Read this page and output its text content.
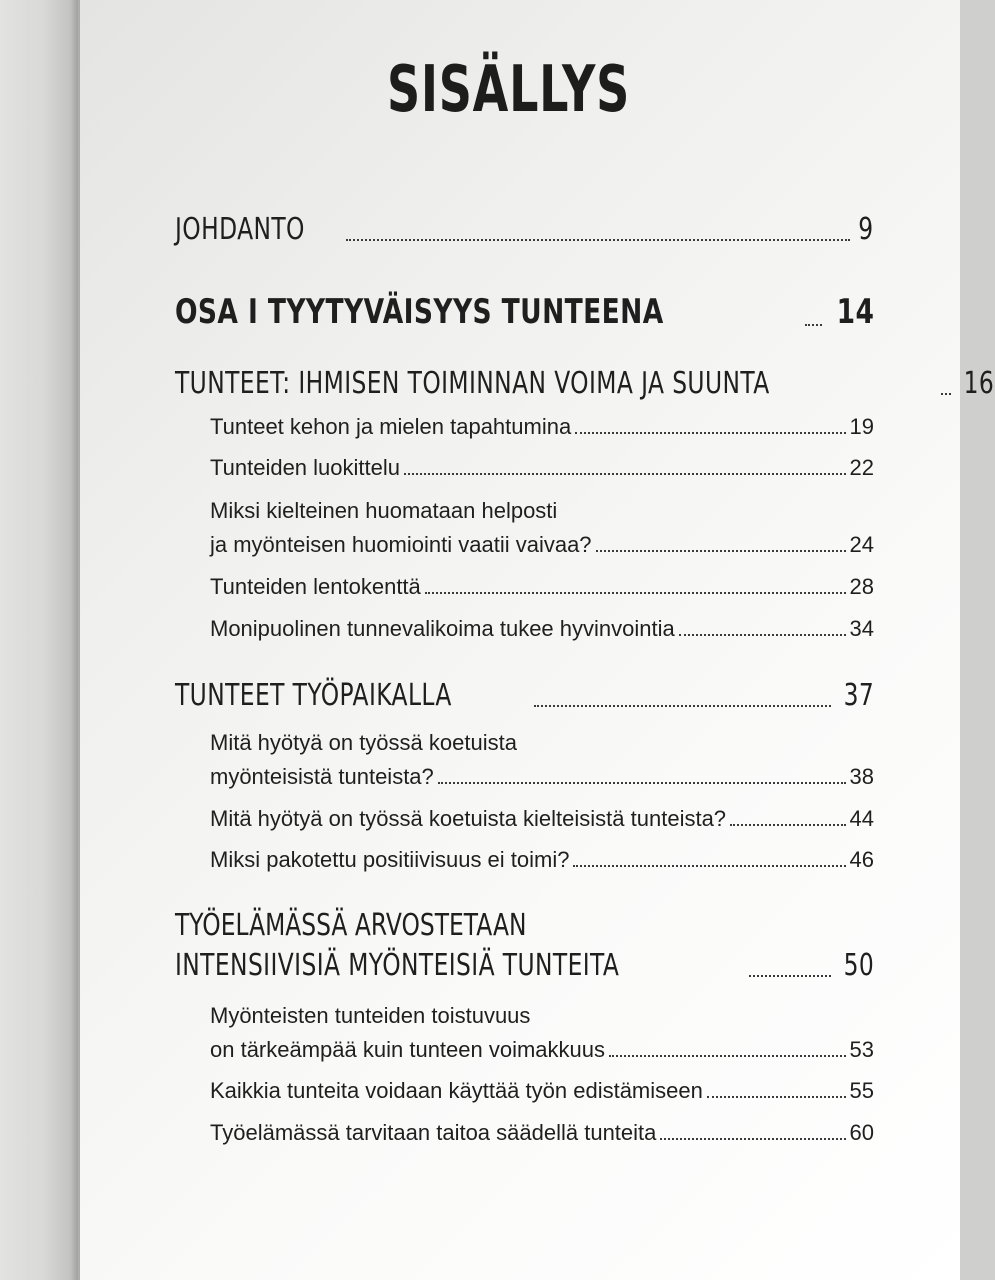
SISÄLLYS
JOHDANTO	9
OSA I TYYTYVÄISYYS TUNTEENA	14
TUNTEET: IHMISEN TOIMINNAN VOIMA JA SUUNTA	16
Tunteet kehon ja mielen tapahtumina	19
Tunteiden luokittelu	22
Miksi kielteinen huomataan helposti
ja myönteisen huomiointi vaatii vaivaa?	24
Tunteiden lentokenttä	28
Monipuolinen tunnevalikoima tukee hyvinvointia	34
TUNTEET TYÖPAIKALLA	37
Mitä hyötyä on työssä koetuista
myönteisistä tunteista?	38
Mitä hyötyä on työssä koetuista kielteisistä tunteista?	44
Miksi pakotettu positiivisuus ei toimi?	46
TYÖELÄMÄSSÄ ARVOSTETAAN
INTENSIIVISIÄ MYÖNTEISIÄ TUNTEITA	50
Myönteisten tunteiden toistuvuus
on tärkeämpää kuin tunteen voimakkuus	53
Kaikkia tunteita voidaan käyttää työn edistämiseen	55
Työelämässä tarvitaan taitoa säädellä tunteita	60
